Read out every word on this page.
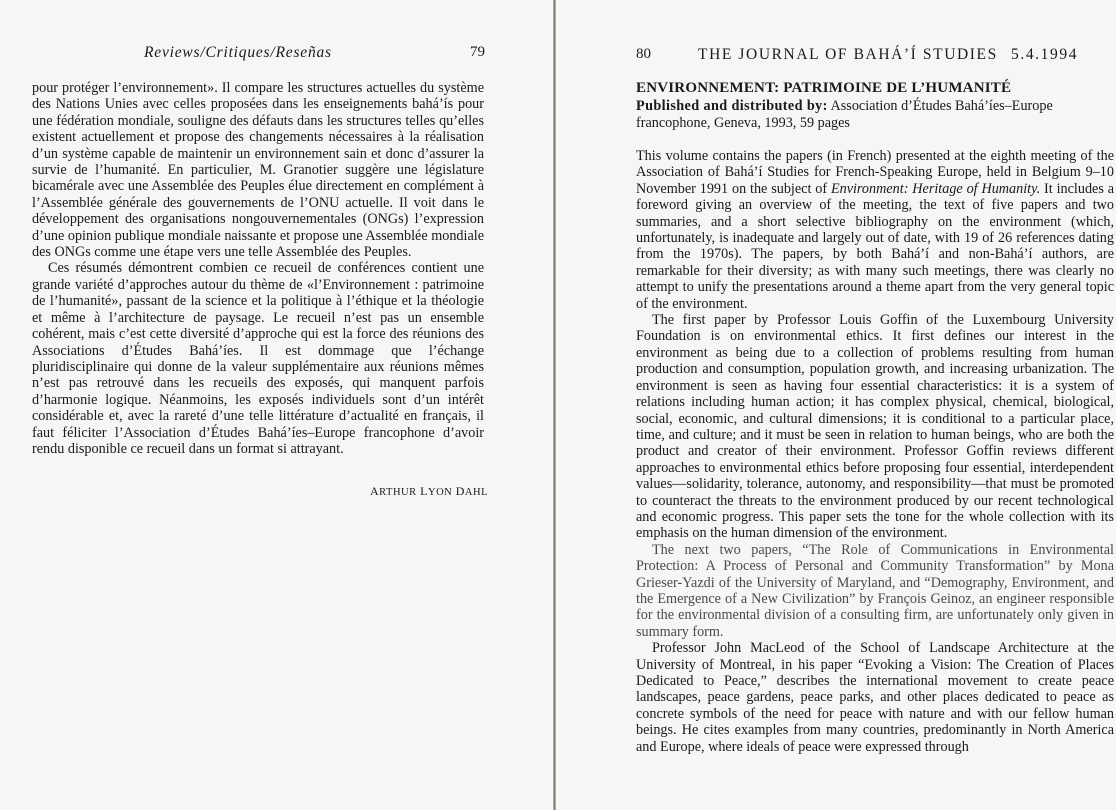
Reviews/Critiques/Reseñas	79

pour protéger l’environnement». Il compare les structures actuelles du système des Nations Unies avec celles proposées dans les enseignements bahá’ís pour une fédération mondiale, souligne des défauts dans les structures telles qu’elles existent actuellement et propose des changements nécessaires à la réalisation d’un système capable de maintenir un environnement sain et donc d’assurer la survie de l’humanité. En particulier, M. Granotier suggère une législature bicamérale avec une Assemblée des Peuples élue directement en complément à l’Assemblée générale des gouvernements de l’ONU actuelle. Il voit dans le développement des organisations nongouvernementales (ONGs) l’expression d’une opinion publique mondiale naissante et propose une Assemblée mondiale des ONGs comme une étape vers une telle Assemblée des Peuples.

Ces résumés démontrent combien ce recueil de conférences contient une grande variété d’approches autour du thème de «l’Environnement : patrimoine de l’humanité», passant de la science et la politique à l’éthique et la théologie et même à l’architecture de paysage. Le recueil n’est pas un ensemble cohérent, mais c’est cette diversité d’approche qui est la force des réunions des Associations d’Études Bahá’íes. Il est dommage que l’échange pluridisciplinaire qui donne de la valeur supplémentaire aux réunions mêmes n’est pas retrouvé dans les recueils des exposés, qui manquent parfois d’harmonie logique. Néanmoins, les exposés individuels sont d’un intérêt considérable et, avec la rareté d’une telle littérature d’actualité en français, il faut féliciter l’Association d’Études Bahá’íes–Europe francophone d’avoir rendu disponible ce recueil dans un format si attrayant.

ARTHUR LYON DAHL
80	THE JOURNAL OF BAHÁ’Í STUDIES 5.4.1994
ENVIRONNEMENT: PATRIMOINE DE L’HUMANITÉ

Published and distributed by: Association d’Études Bahá’íes–Europe francophone, Geneva, 1993, 59 pages

This volume contains the papers (in French) presented at the eighth meeting of the Association of Bahá’í Studies for French-Speaking Europe, held in Belgium 9–10 November 1991 on the subject of Environment: Heritage of Humanity. It includes a foreword giving an overview of the meeting, the text of five papers and two summaries, and a short selective bibliography on the environment (which, unfortunately, is inadequate and largely out of date, with 19 of 26 references dating from the 1970s). The papers, by both Bahá’í and non-Bahá’í authors, are remarkable for their diversity; as with many such meetings, there was clearly no attempt to unify the presentations around a theme apart from the very general topic of the environment.

The first paper by Professor Louis Goffin of the Luxembourg University Foundation is on environmental ethics. It first defines our interest in the environment as being due to a collection of problems resulting from human production and consumption, population growth, and increasing urbanization. The environment is seen as having four essential characteristics: it is a system of relations including human action; it has complex physical, chemical, biological, social, economic, and cultural dimensions; it is conditional to a particular place, time, and culture; and it must be seen in relation to human beings, who are both the product and creator of their environment. Professor Goffin reviews different approaches to environmental ethics before proposing four essential, interdependent values—solidarity, tolerance, autonomy, and responsibility—that must be promoted to counteract the threats to the environment produced by our recent technological and economic progress. This paper sets the tone for the whole collection with its emphasis on the human dimension of the environment.

The next two papers, “The Role of Communications in Environmental Protection: A Process of Personal and Community Transformation” by Mona Grieser-Yazdi of the University of Maryland, and “Demography, Environment, and the Emergence of a New Civilization” by François Geinoz, an engineer responsible for the environmental division of a consulting firm, are unfortunately only given in summary form.

Professor John MacLeod of the School of Landscape Architecture at the University of Montreal, in his paper “Evoking a Vision: The Creation of Places Dedicated to Peace,” describes the international movement to create peace landscapes, peace gardens, peace parks, and other places dedicated to peace as concrete symbols of the need for peace with nature and with our fellow human beings. He cites examples from many countries, predominantly in North America and Europe, where ideals of peace were expressed through
